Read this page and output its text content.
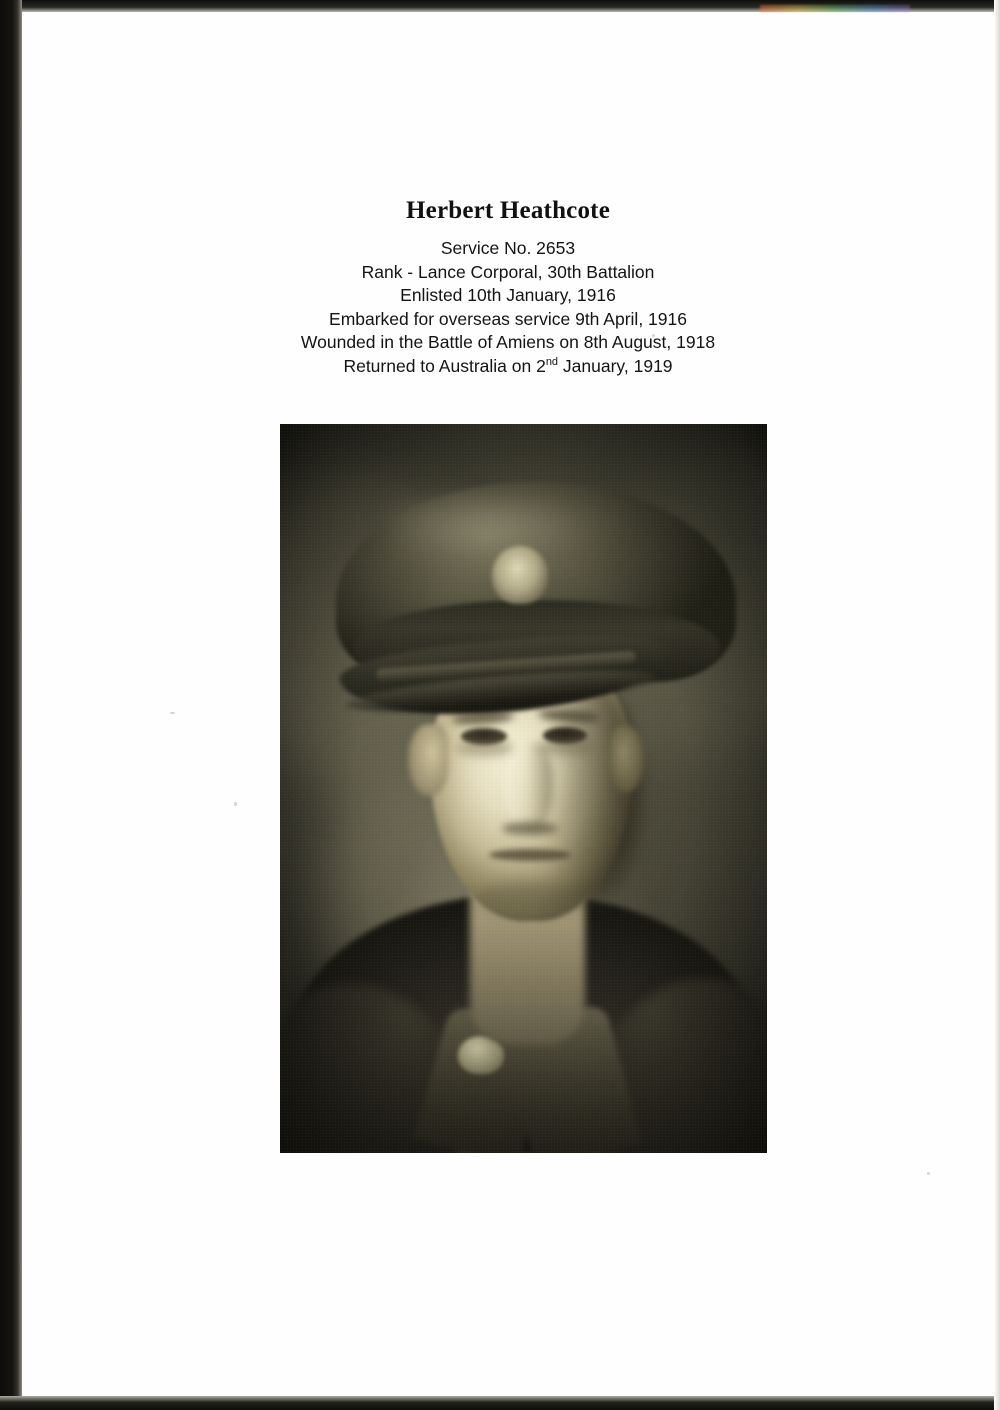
Herbert Heathcote
Service No. 2653
Rank - Lance Corporal, 30th Battalion
Enlisted 10th January, 1916
Embarked for overseas service 9th April, 1916
Wounded in the Battle of Amiens on 8th August, 1918
Returned to Australia on 2nd January, 1919
